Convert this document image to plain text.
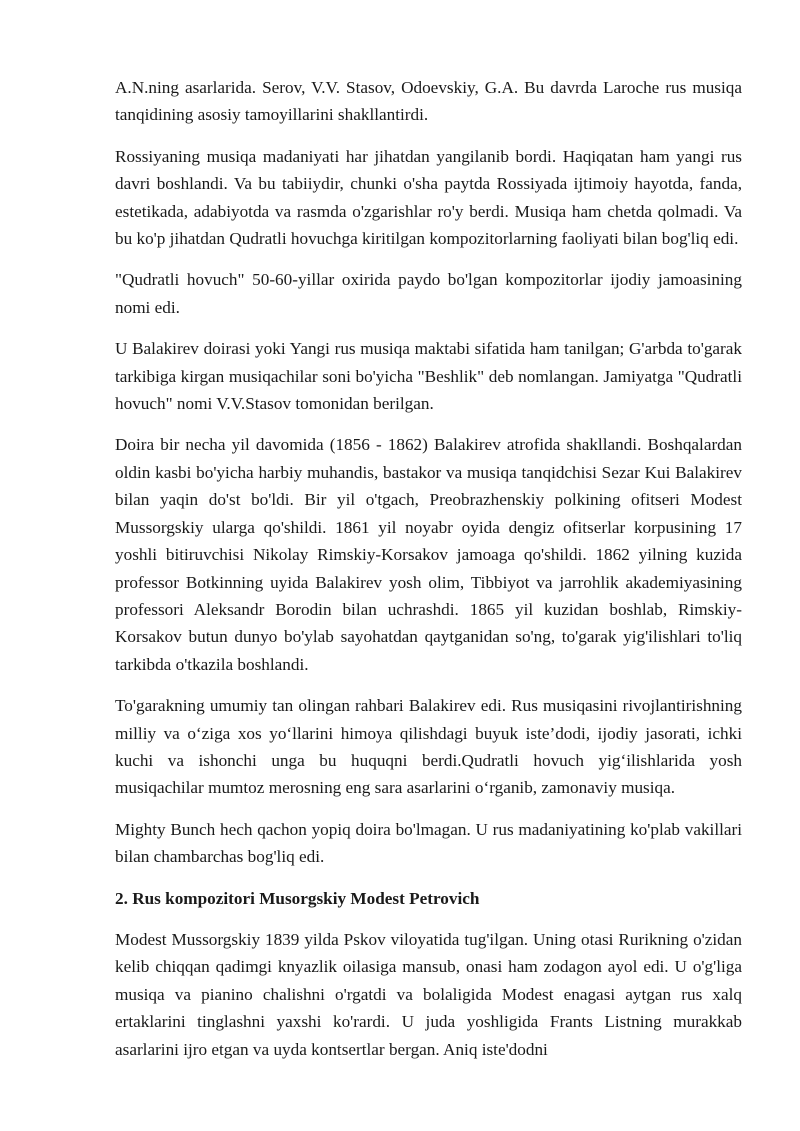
A.N.ning asarlarida. Serov, V.V. Stasov, Odoevskiy, G.A. Bu davrda Laroche rus musiqa tanqidining asosiy tamoyillarini shakllantirdi.

Rossiyaning musiqa madaniyati har jihatdan yangilanib bordi. Haqiqatan ham yangi rus davri boshlandi. Va bu tabiiydir, chunki o'sha paytda Rossiyada ijtimoiy hayotda, fanda, estetikada, adabiyotda va rasmda o'zgarishlar ro'y berdi. Musiqa ham chetda qolmadi. Va bu ko'p jihatdan Qudratli hovuchga kiritilgan kompozitorlarning faoliyati bilan bog'liq edi.

"Qudratli hovuch" 50-60-yillar oxirida paydo bo'lgan kompozitorlar ijodiy jamoasining nomi edi.

U Balakirev doirasi yoki Yangi rus musiqa maktabi sifatida ham tanilgan; G'arbda to'garak tarkibiga kirgan musiqachilar soni bo'yicha "Beshlik" deb nomlangan. Jamiyatga "Qudratli hovuch" nomi V.V.Stasov tomonidan berilgan.

Doira bir necha yil davomida (1856 - 1862) Balakirev atrofida shakllandi. Boshqalardan oldin kasbi bo'yicha harbiy muhandis, bastakor va musiqa tanqidchisi Sezar Kui Balakirev bilan yaqin do'st bo'ldi. Bir yil o'tgach, Preobrazhenskiy polkining ofitseri Modest Mussorgskiy ularga qo'shildi. 1861 yil noyabr oyida dengiz ofitserlar korpusining 17 yoshli bitiruvchisi Nikolay Rimskiy-Korsakov jamoaga qo'shildi. 1862 yilning kuzida professor Botkinning uyida Balakirev yosh olim, Tibbiyot va jarrohlik akademiyasining professori Aleksandr Borodin bilan uchrashdi. 1865 yil kuzidan boshlab, Rimskiy-Korsakov butun dunyo bo'ylab sayohatdan qaytganidan so'ng, to'garak yig'ilishlari to'liq tarkibda o'tkazila boshlandi.

To'garakning umumiy tan olingan rahbari Balakirev edi. Rus musiqasini rivojlantirishning milliy va o‘ziga xos yo‘llarini himoya qilishdagi buyuk iste’dodi, ijodiy jasorati, ichki kuchi va ishonchi unga bu huquqni berdi.Qudratli hovuch yig‘ilishlarida yosh musiqachilar mumtoz merosning eng sara asarlarini o‘rganib, zamonaviy musiqa.

Mighty Bunch hech qachon yopiq doira bo'lmagan. U rus madaniyatining ko'plab vakillari bilan chambarchas bog'liq edi.

2. Rus kompozitori Musorgskiy Modest Petrovich

Modest Mussorgskiy 1839 yilda Pskov viloyatida tug'ilgan. Uning otasi Rurikning o'zidan kelib chiqqan qadimgi knyazlik oilasiga mansub, onasi ham zodagon ayol edi. U o'g'liga musiqa va pianino chalishni o'rgatdi va bolaligida Modest enagasi aytgan rus xalq ertaklarini tinglashni yaxshi ko'rardi. U juda yoshligida Frants Listning murakkab asarlarini ijro etgan va uyda kontsertlar bergan. Aniq iste'dodni
